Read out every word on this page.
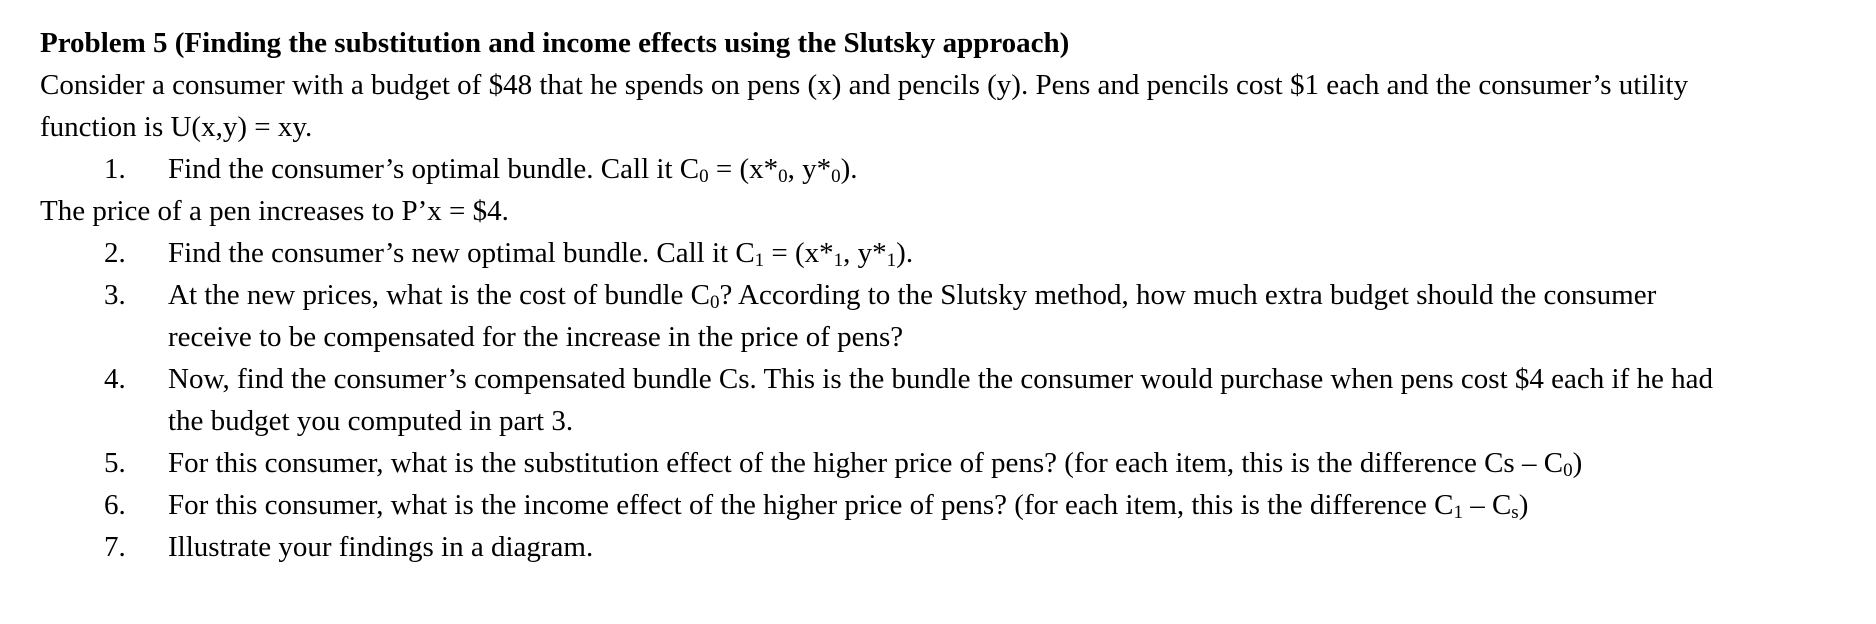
Problem 5 (Finding the substitution and income effects using the Slutsky approach)
Consider a consumer with a budget of $48 that he spends on pens (x) and pencils (y). Pens and pencils cost $1 each and the consumer’s utility
function is U(x,y) = xy.
1. Find the consumer’s optimal bundle. Call it $C_0 = (x*_0$, $y*_0$).
The price of a pen increases to P’x = $4.
2. Find the consumer’s new optimal bundle. Call it $C_1 = (x*_1$, $y*_1$).
3. At the new prices, what is the cost of bundle $C_0$? According to the Slutsky method, how much extra budget should the consumer
receive to be compensated for the increase in the price of pens?
4. Now, find the consumer’s compensated bundle Cs. This is the bundle the consumer would purchase when pens cost $4 each if he had
the budget you computed in part 3.
5. For this consumer, what is the substitution effect of the higher price of pens? (for each item, this is the difference Cs – $C_0$)
6. For this consumer, what is the income effect of the higher price of pens? (for each item, this is the difference $C_1 - C_s$)
7. Illustrate your findings in a diagram.
